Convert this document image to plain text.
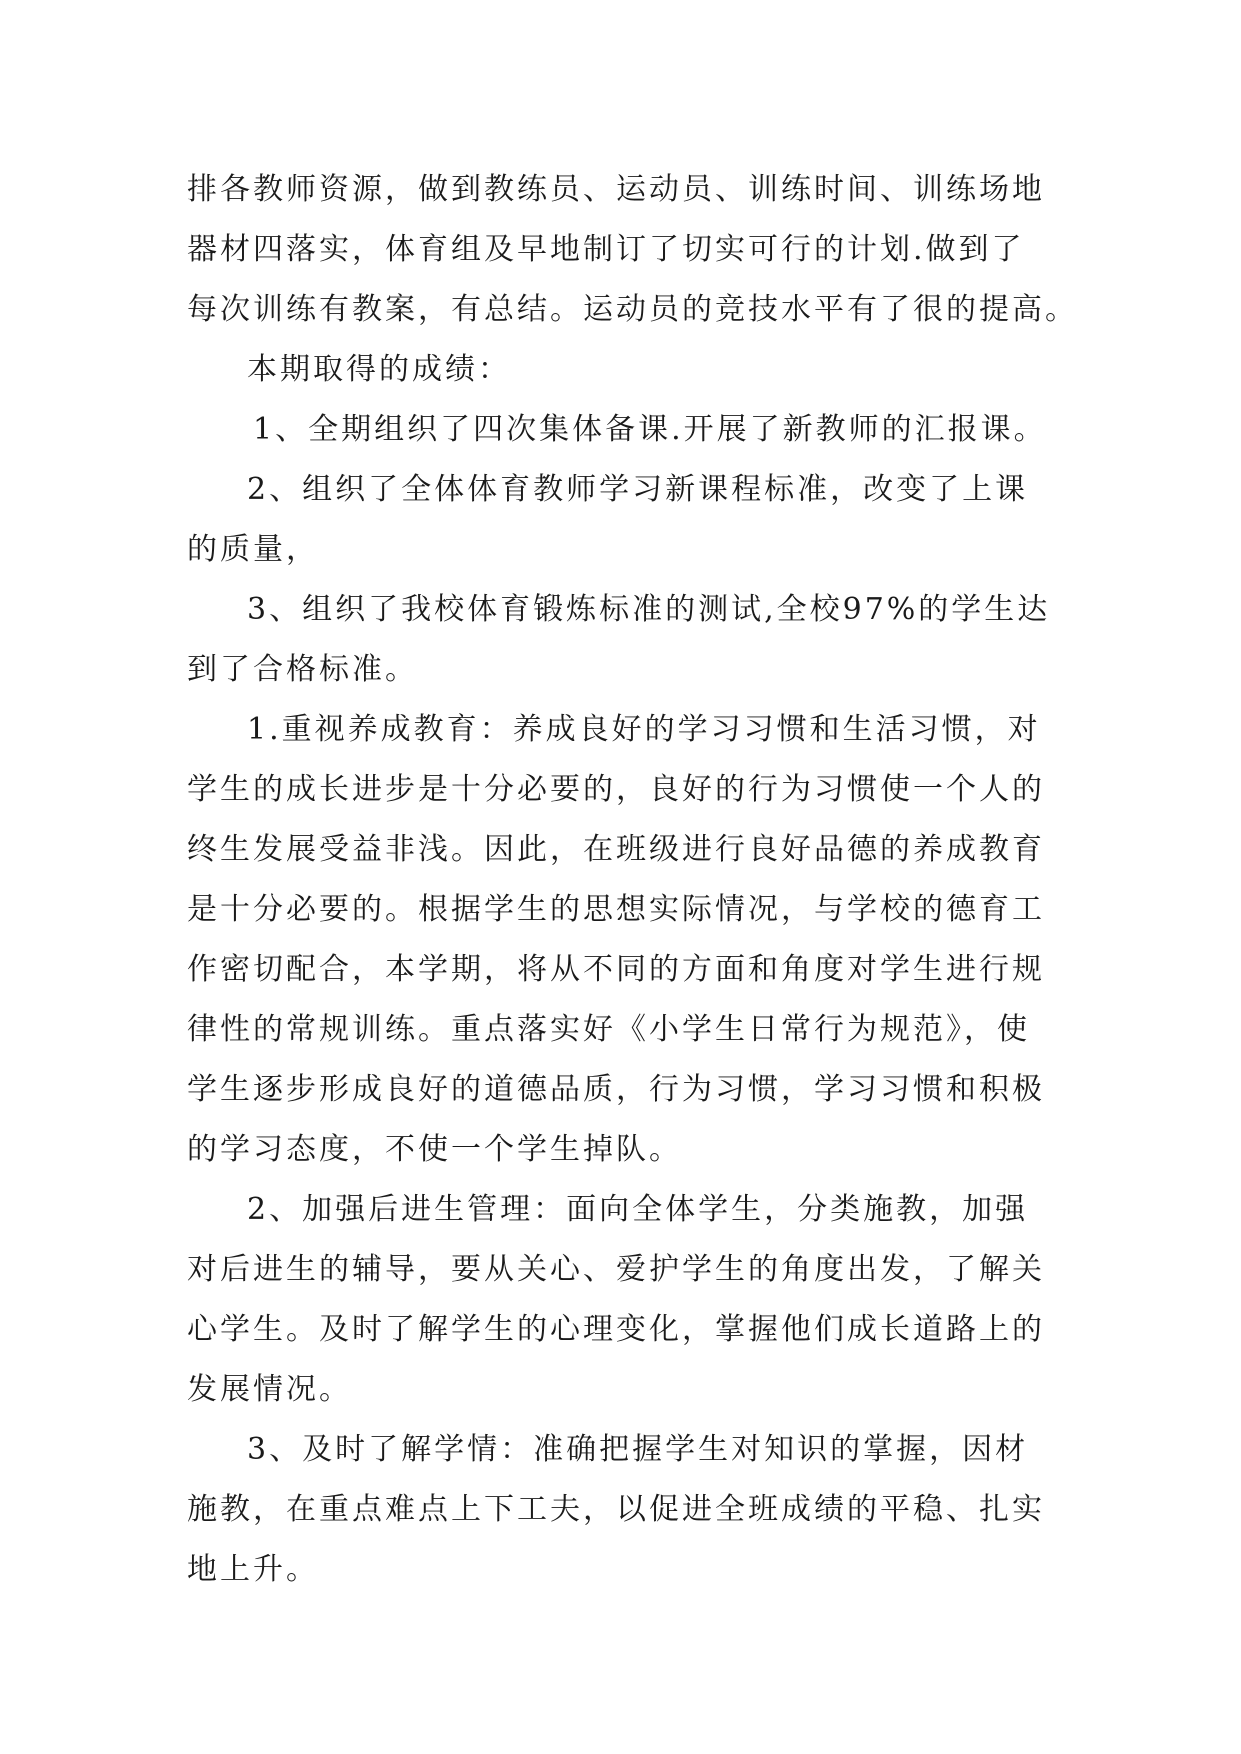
排各教师资源，做到教练员、运动员、训练时间、训练场地
器材四落实，体育组及早地制订了切实可行的计划.做到了
每次训练有教案，有总结。运动员的竞技水平有了很的提高。
本期取得的成绩：
1、全期组织了四次集体备课.开展了新教师的汇报课。
2、组织了全体体育教师学习新课程标准，改变了上课
的质量，
3、组织了我校体育锻炼标准的测试,全校97%的学生达
到了合格标准。
1.重视养成教育：养成良好的学习习惯和生活习惯，对
学生的成长进步是十分必要的，良好的行为习惯使一个人的
终生发展受益非浅。因此，在班级进行良好品德的养成教育
是十分必要的。根据学生的思想实际情况，与学校的德育工
作密切配合，本学期，将从不同的方面和角度对学生进行规
律性的常规训练。重点落实好《小学生日常行为规范》，使
学生逐步形成良好的道德品质，行为习惯，学习习惯和积极
的学习态度，不使一个学生掉队。
2、加强后进生管理：面向全体学生，分类施教，加强
对后进生的辅导，要从关心、爱护学生的角度出发，了解关
心学生。及时了解学生的心理变化，掌握他们成长道路上的
发展情况。
3、及时了解学情：准确把握学生对知识的掌握，因材
施教，在重点难点上下工夫，以促进全班成绩的平稳、扎实
地上升。
